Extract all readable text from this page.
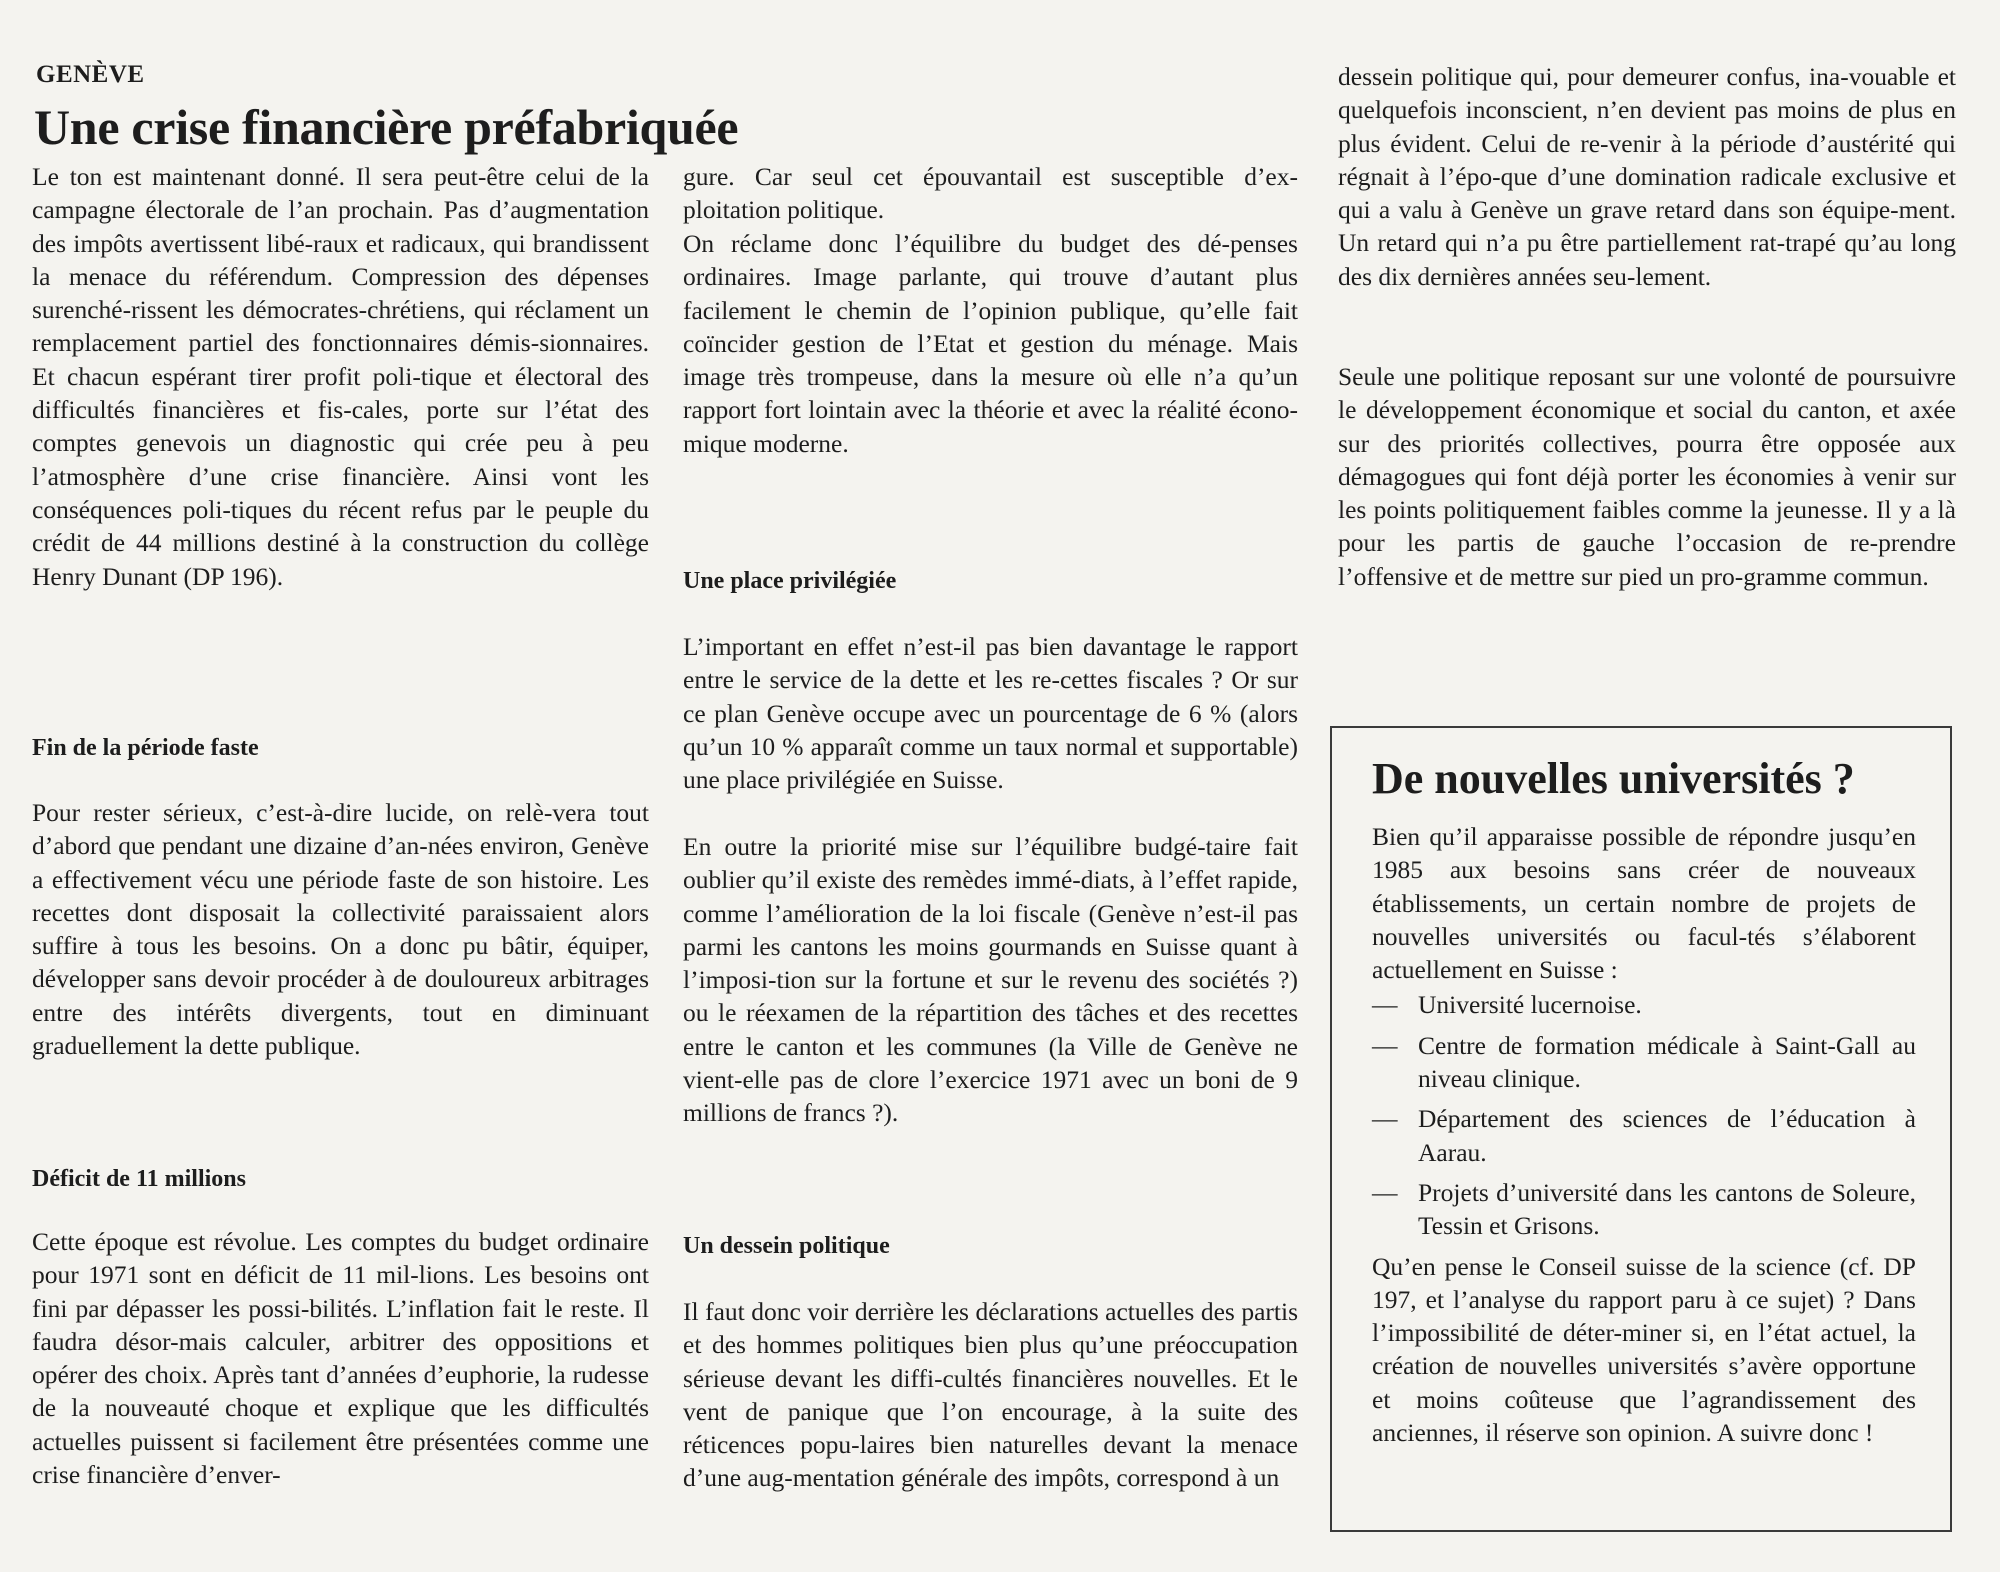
GENÈVE
Une crise financière préfabriquée

Le ton est maintenant donné. Il sera peut-être celui de la campagne électorale de l’an prochain. Pas d’augmentation des impôts avertissent libé-raux et radicaux, qui brandissent la menace du référendum. Compression des dépenses surenché-rissent les démocrates-chrétiens, qui réclament un remplacement partiel des fonctionnaires démis-sionnaires. Et chacun espérant tirer profit poli-tique et électoral des difficultés financières et fis-cales, porte sur l’état des comptes genevois un diagnostic qui crée peu à peu l’atmosphère d’une crise financière. Ainsi vont les conséquences poli-tiques du récent refus par le peuple du crédit de 44 millions destiné à la construction du collège Henry Dunant (DP 196).

Fin de la période faste

Pour rester sérieux, c’est-à-dire lucide, on relè-vera tout d’abord que pendant une dizaine d’an-nées environ, Genève a effectivement vécu une période faste de son histoire. Les recettes dont disposait la collectivité paraissaient alors suffire à tous les besoins. On a donc pu bâtir, équiper, développer sans devoir procéder à de douloureux arbitrages entre des intérêts divergents, tout en diminuant graduellement la dette publique.

Déficit de 11 millions

Cette époque est révolue. Les comptes du budget ordinaire pour 1971 sont en déficit de 11 mil-lions. Les besoins ont fini par dépasser les possi-bilités. L’inflation fait le reste. Il faudra désor-mais calculer, arbitrer des oppositions et opérer des choix. Après tant d’années d’euphorie, la rudesse de la nouveauté choque et explique que les difficultés actuelles puissent si facilement être présentées comme une crise financière d’enver-

gure. Car seul cet épouvantail est susceptible d’ex-ploitation politique.

On réclame donc l’équilibre du budget des dé-penses ordinaires. Image parlante, qui trouve d’autant plus facilement le chemin de l’opinion publique, qu’elle fait coïncider gestion de l’Etat et gestion du ménage. Mais image très trompeuse, dans la mesure où elle n’a qu’un rapport fort lointain avec la théorie et avec la réalité écono-mique moderne.

Une place privilégiée

L’important en effet n’est-il pas bien davantage le rapport entre le service de la dette et les re-cettes fiscales ? Or sur ce plan Genève occupe avec un pourcentage de 6 % (alors qu’un 10 % apparaît comme un taux normal et supportable) une place privilégiée en Suisse.

En outre la priorité mise sur l’équilibre budgé-taire fait oublier qu’il existe des remèdes immé-diats, à l’effet rapide, comme l’amélioration de la loi fiscale (Genève n’est-il pas parmi les cantons les moins gourmands en Suisse quant à l’imposi-tion sur la fortune et sur le revenu des sociétés ?) ou le réexamen de la répartition des tâches et des recettes entre le canton et les communes (la Ville de Genève ne vient-elle pas de clore l’exercice 1971 avec un boni de 9 millions de francs ?).

Un dessein politique

Il faut donc voir derrière les déclarations actuelles des partis et des hommes politiques bien plus qu’une préoccupation sérieuse devant les diffi-cultés financières nouvelles. Et le vent de panique que l’on encourage, à la suite des réticences popu-laires bien naturelles devant la menace d’une aug-mentation générale des impôts, correspond à un

dessein politique qui, pour demeurer confus, ina-vouable et quelquefois inconscient, n’en devient pas moins de plus en plus évident. Celui de re-venir à la période d’austérité qui régnait à l’épo-que d’une domination radicale exclusive et qui a valu à Genève un grave retard dans son équipe-ment. Un retard qui n’a pu être partiellement rat-trapé qu’au long des dix dernières années seu-lement.

Seule une politique reposant sur une volonté de poursuivre le développement économique et social du canton, et axée sur des priorités collectives, pourra être opposée aux démagogues qui font déjà porter les économies à venir sur les points politiquement faibles comme la jeunesse. Il y a là pour les partis de gauche l’occasion de re-prendre l’offensive et de mettre sur pied un pro-gramme commun.

De nouvelles universités ?

Bien qu’il apparaisse possible de répondre jusqu’en 1985 aux besoins sans créer de nouveaux établissements, un certain nombre de projets de nouvelles universités ou facul-tés s’élaborent actuellement en Suisse :

— Université lucernoise.
— Centre de formation médicale à Saint-Gall au niveau clinique.
— Département des sciences de l’éducation à Aarau.
— Projets d’université dans les cantons de Soleure, Tessin et Grisons.

Qu’en pense le Conseil suisse de la science (cf. DP 197, et l’analyse du rapport paru à ce sujet) ? Dans l’impossibilité de déter-miner si, en l’état actuel, la création de nouvelles universités s’avère opportune et moins coûteuse que l’agrandissement des anciennes, il réserve son opinion. A suivre donc !
